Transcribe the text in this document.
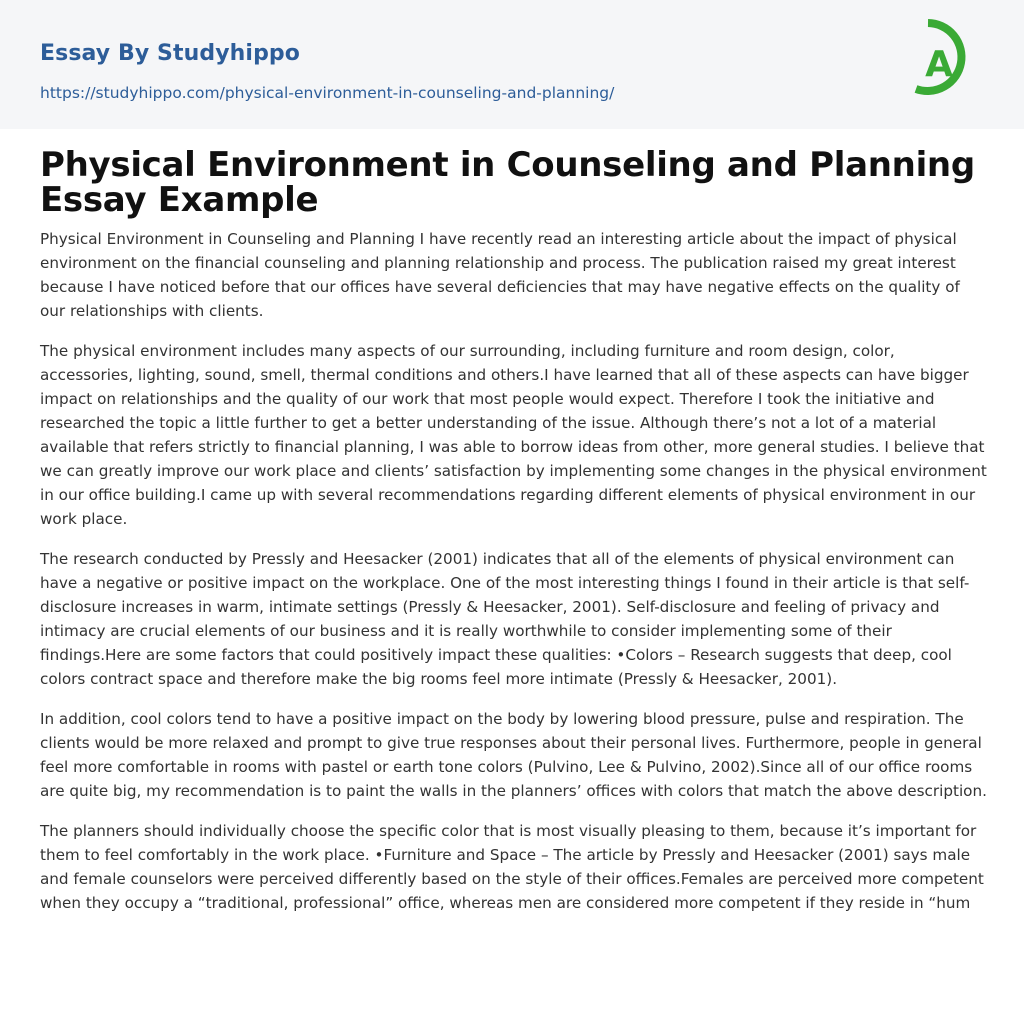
Essay By Studyhippo
https://studyhippo.com/physical-environment-in-counseling-and-planning/
A
Physical Environment in Counseling and Planning Essay Example

Physical Environment in Counseling and Planning I have recently read an interesting article about the impact of physical environment on the financial counseling and planning relationship and process. The publication raised my great interest because I have noticed before that our offices have several deficiencies that may have negative effects on the quality of our relationships with clients.

The physical environment includes many aspects of our surrounding, including furniture and room design, color, accessories, lighting, sound, smell, thermal conditions and others.I have learned that all of these aspects can have bigger impact on relationships and the quality of our work that most people would expect. Therefore I took the initiative and researched the topic a little further to get a better understanding of the issue. Although there’s not a lot of a material available that refers strictly to financial planning, I was able to borrow ideas from other, more general studies. I believe that we can greatly improve our work place and clients’ satisfaction by implementing some changes in the physical environment in our office building.I came up with several recommendations regarding different elements of physical environment in our work place.

The research conducted by Pressly and Heesacker (2001) indicates that all of the elements of physical environment can have a negative or positive impact on the workplace. One of the most interesting things I found in their article is that self-disclosure increases in warm, intimate settings (Pressly & Heesacker, 2001). Self-disclosure and feeling of privacy and intimacy are crucial elements of our business and it is really worthwhile to consider implementing some of their findings.Here are some factors that could positively impact these qualities: •Colors – Research suggests that deep, cool colors contract space and therefore make the big rooms feel more intimate (Pressly & Heesacker, 2001).

In addition, cool colors tend to have a positive impact on the body by lowering blood pressure, pulse and respiration. The clients would be more relaxed and prompt to give true responses about their personal lives. Furthermore, people in general feel more comfortable in rooms with pastel or earth tone colors (Pulvino, Lee & Pulvino, 2002).Since all of our office rooms are quite big, my recommendation is to paint the walls in the planners’ offices with colors that match the above description.

The planners should individually choose the specific color that is most visually pleasing to them, because it’s important for them to feel comfortably in the work place. •Furniture and Space – The article by Pressly and Heesacker (2001) says male and female counselors were perceived differently based on the style of their offices.Females are perceived more competent when they occupy a “traditional, professional” office, whereas men are considered more competent if they reside in “hum
